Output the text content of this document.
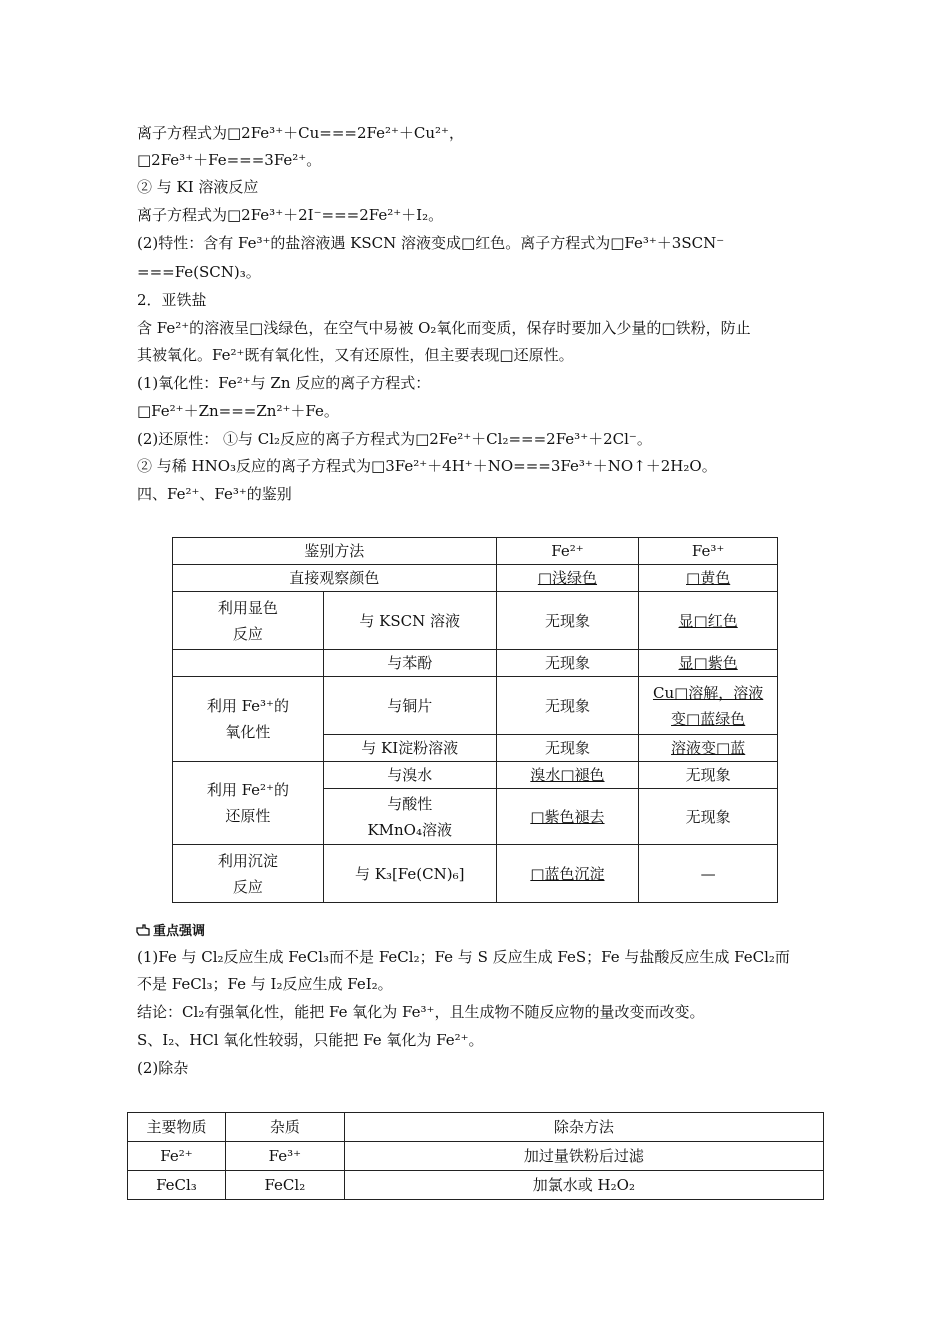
离子方程式为□2Fe³⁺＋Cu===2Fe²⁺＋Cu²⁺，
□2Fe³⁺＋Fe===3Fe²⁺。
② 与 KI 溶液反应
离子方程式为□2Fe³⁺＋2I⁻===2Fe²⁺＋I₂。
(2)特性：含有 Fe³⁺的盐溶液遇 KSCN 溶液变成□红色。离子方程式为□Fe³⁺＋3SCN⁻
===Fe(SCN)₃。
2．亚铁盐
含 Fe²⁺的溶液呈□浅绿色，在空气中易被 O₂氧化而变质，保存时要加入少量的□铁粉，防止
其被氧化。Fe²⁺既有氧化性，又有还原性，但主要表现□还原性。
(1)氧化性：Fe²⁺与 Zn 反应的离子方程式：
□Fe²⁺＋Zn===Zn²⁺＋Fe。
(2)还原性： ①与 Cl₂反应的离子方程式为□2Fe²⁺＋Cl₂===2Fe³⁺＋2Cl⁻。
② 与稀 HNO₃反应的离子方程式为□3Fe²⁺＋4H⁺＋NO===3Fe³⁺＋NO↑＋2H₂O。
四、Fe²⁺、Fe³⁺的鉴别
鉴别方法		Fe²⁺	Fe³⁺
直接观察颜色		□浅绿色	□黄色
利用显色反应	与 KSCN 溶液	无现象	显□红色
	与苯酚	无现象	显□紫色
利用 Fe³⁺的氧化性	与铜片	无现象	Cu□溶解，溶液变□蓝绿色
	与 KI淀粉溶液	无现象	溶液变□蓝
利用 Fe²⁺的还原性	与溴水	溴水□褪色	无现象
	与酸性 KMnO₄溶液	□紫色褪去	无现象
利用沉淀反应	与 K₃[Fe(CN)₆]	□蓝色沉淀	—
重点强调
(1)Fe 与 Cl₂反应生成 FeCl₃而不是 FeCl₂；Fe 与 S 反应生成 FeS；Fe 与盐酸反应生成 FeCl₂而
不是 FeCl₃；Fe 与 I₂反应生成 FeI₂。
结论：Cl₂有强氧化性，能把 Fe 氧化为 Fe³⁺，且生成物不随反应物的量改变而改变。
S、I₂、HCl 氧化性较弱，只能把 Fe 氧化为 Fe²⁺。
(2)除杂
主要物质	杂质	除杂方法
Fe²⁺	Fe³⁺	加过量铁粉后过滤
FeCl₃	FeCl₂	加氯水或 H₂O₂
